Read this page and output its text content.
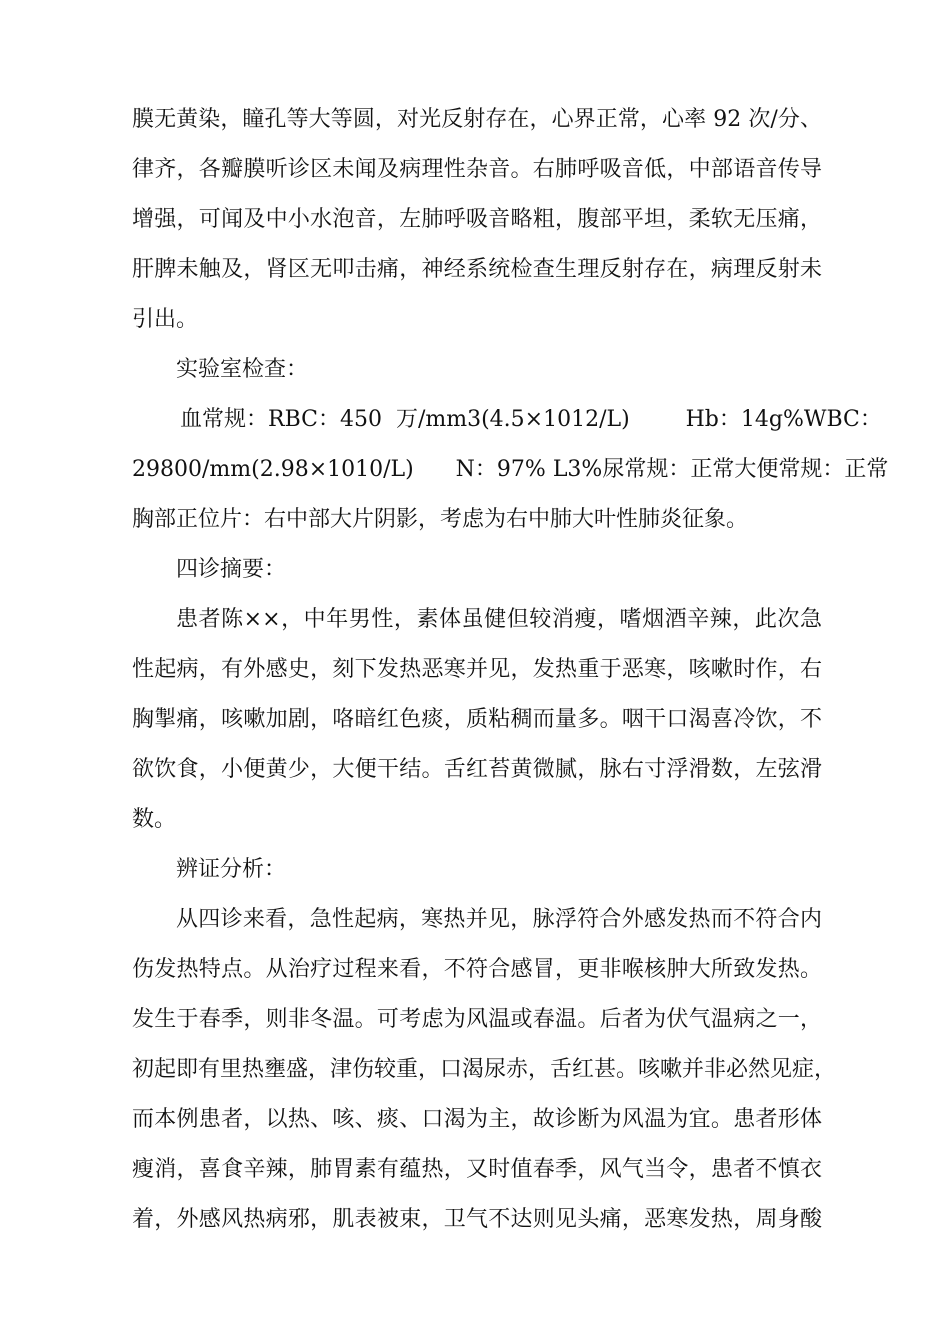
膜无黄染，瞳孔等大等圆，对光反射存在，心界正常，心率 92 次/分、
律齐，各瓣膜听诊区未闻及病理性杂音。右肺呼吸音低，中部语音传导
增强，可闻及中小水泡音，左肺呼吸音略粗，腹部平坦，柔软无压痛，
肝脾未触及，肾区无叩击痛，神经系统检查生理反射存在，病理反射未
引出。
实验室检查：
血常规：RBC：450  万/mm3(4.5×1012/L)        Hb：14g%WBC：
29800/mm(2.98×1010/L)      N：97% L3%尿常规：正常大便常规：正常
胸部正位片：右中部大片阴影，考虑为右中肺大叶性肺炎征象。
四诊摘要：
患者陈××，中年男性，素体虽健但较消瘦，嗜烟酒辛辣，此次急
性起病，有外感史，刻下发热恶寒并见，发热重于恶寒，咳嗽时作，右
胸掣痛，咳嗽加剧，咯暗红色痰，质粘稠而量多。咽干口渴喜冷饮，不
欲饮食，小便黄少，大便干结。舌红苔黄微腻，脉右寸浮滑数，左弦滑
数。
辨证分析：
从四诊来看，急性起病，寒热并见，脉浮符合外感发热而不符合内
伤发热特点。从治疗过程来看，不符合感冒，更非喉核肿大所致发热。
发生于春季，则非冬温。可考虑为风温或春温。后者为伏气温病之一，
初起即有里热壅盛，津伤较重，口渴尿赤，舌红甚。咳嗽并非必然见症，
而本例患者，以热、咳、痰、口渴为主，故诊断为风温为宜。患者形体
瘦消，喜食辛辣，肺胃素有蕴热，又时值春季，风气当令，患者不慎衣
着，外感风热病邪，肌表被束，卫气不达则见头痛，恶寒发热，周身酸
